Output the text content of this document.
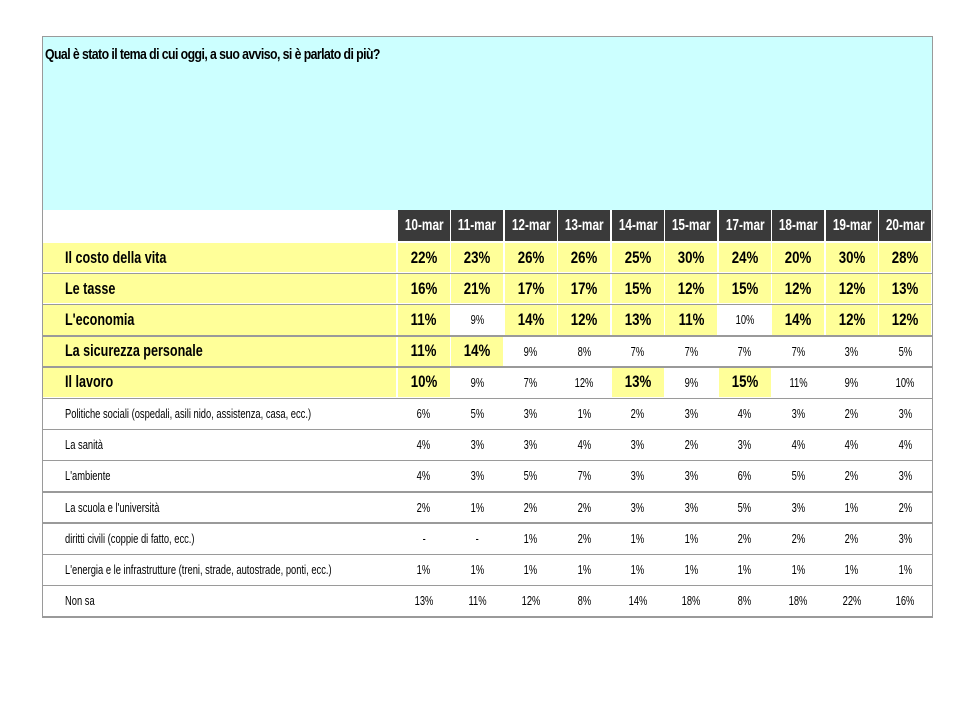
Qual è stato il tema di cui oggi, a suo avviso, si è parlato di più?
10-mar 11-mar 12-mar 13-mar 14-mar 15-mar 17-mar 18-mar 19-mar 20-mar
Il costo della vita	22% 23% 26% 26% 25% 30% 24% 20% 30% 28%
Le tasse	16% 21% 17% 17% 15% 12% 15% 12% 12% 13%
L'economia	11%	9% 14% 12% 13% 11% 10% 14% 12% 12%
La sicurezza personale	11% 14%	9%	8%	7%	7%	7%	7%	3%	5%
Il lavoro	10%	9%	7%	12% 13%	9% 15% 11%	9%	10%
Politiche sociali (ospedali, asili nido, assistenza, casa, ecc.)	6%	5%	3%	1%	2%	3%	4%	3%	2%	3%
La sanità	4%	3%	3%	4%	3%	2%	3%	4%	4%	4%
L'ambiente	4%	3%	5%	7%	3%	3%	6%	5%	2%	3%
La scuola e l'università	2%	1%	2%	2%	3%	3%	5%	3%	1%	2%
diritti civili (coppie di fatto, ecc.)	-	-	1%	2%	1%	1%	2%	2%	2%	3%
L'energia e le infrastrutture (treni, strade, autostrade, ponti, ecc.)	1%	1%	1%	1%	1%	1%	1%	1%	1%	1%
Non sa	13%	11%	12%	8%	14%	18%	8%	18%	22%	16%
